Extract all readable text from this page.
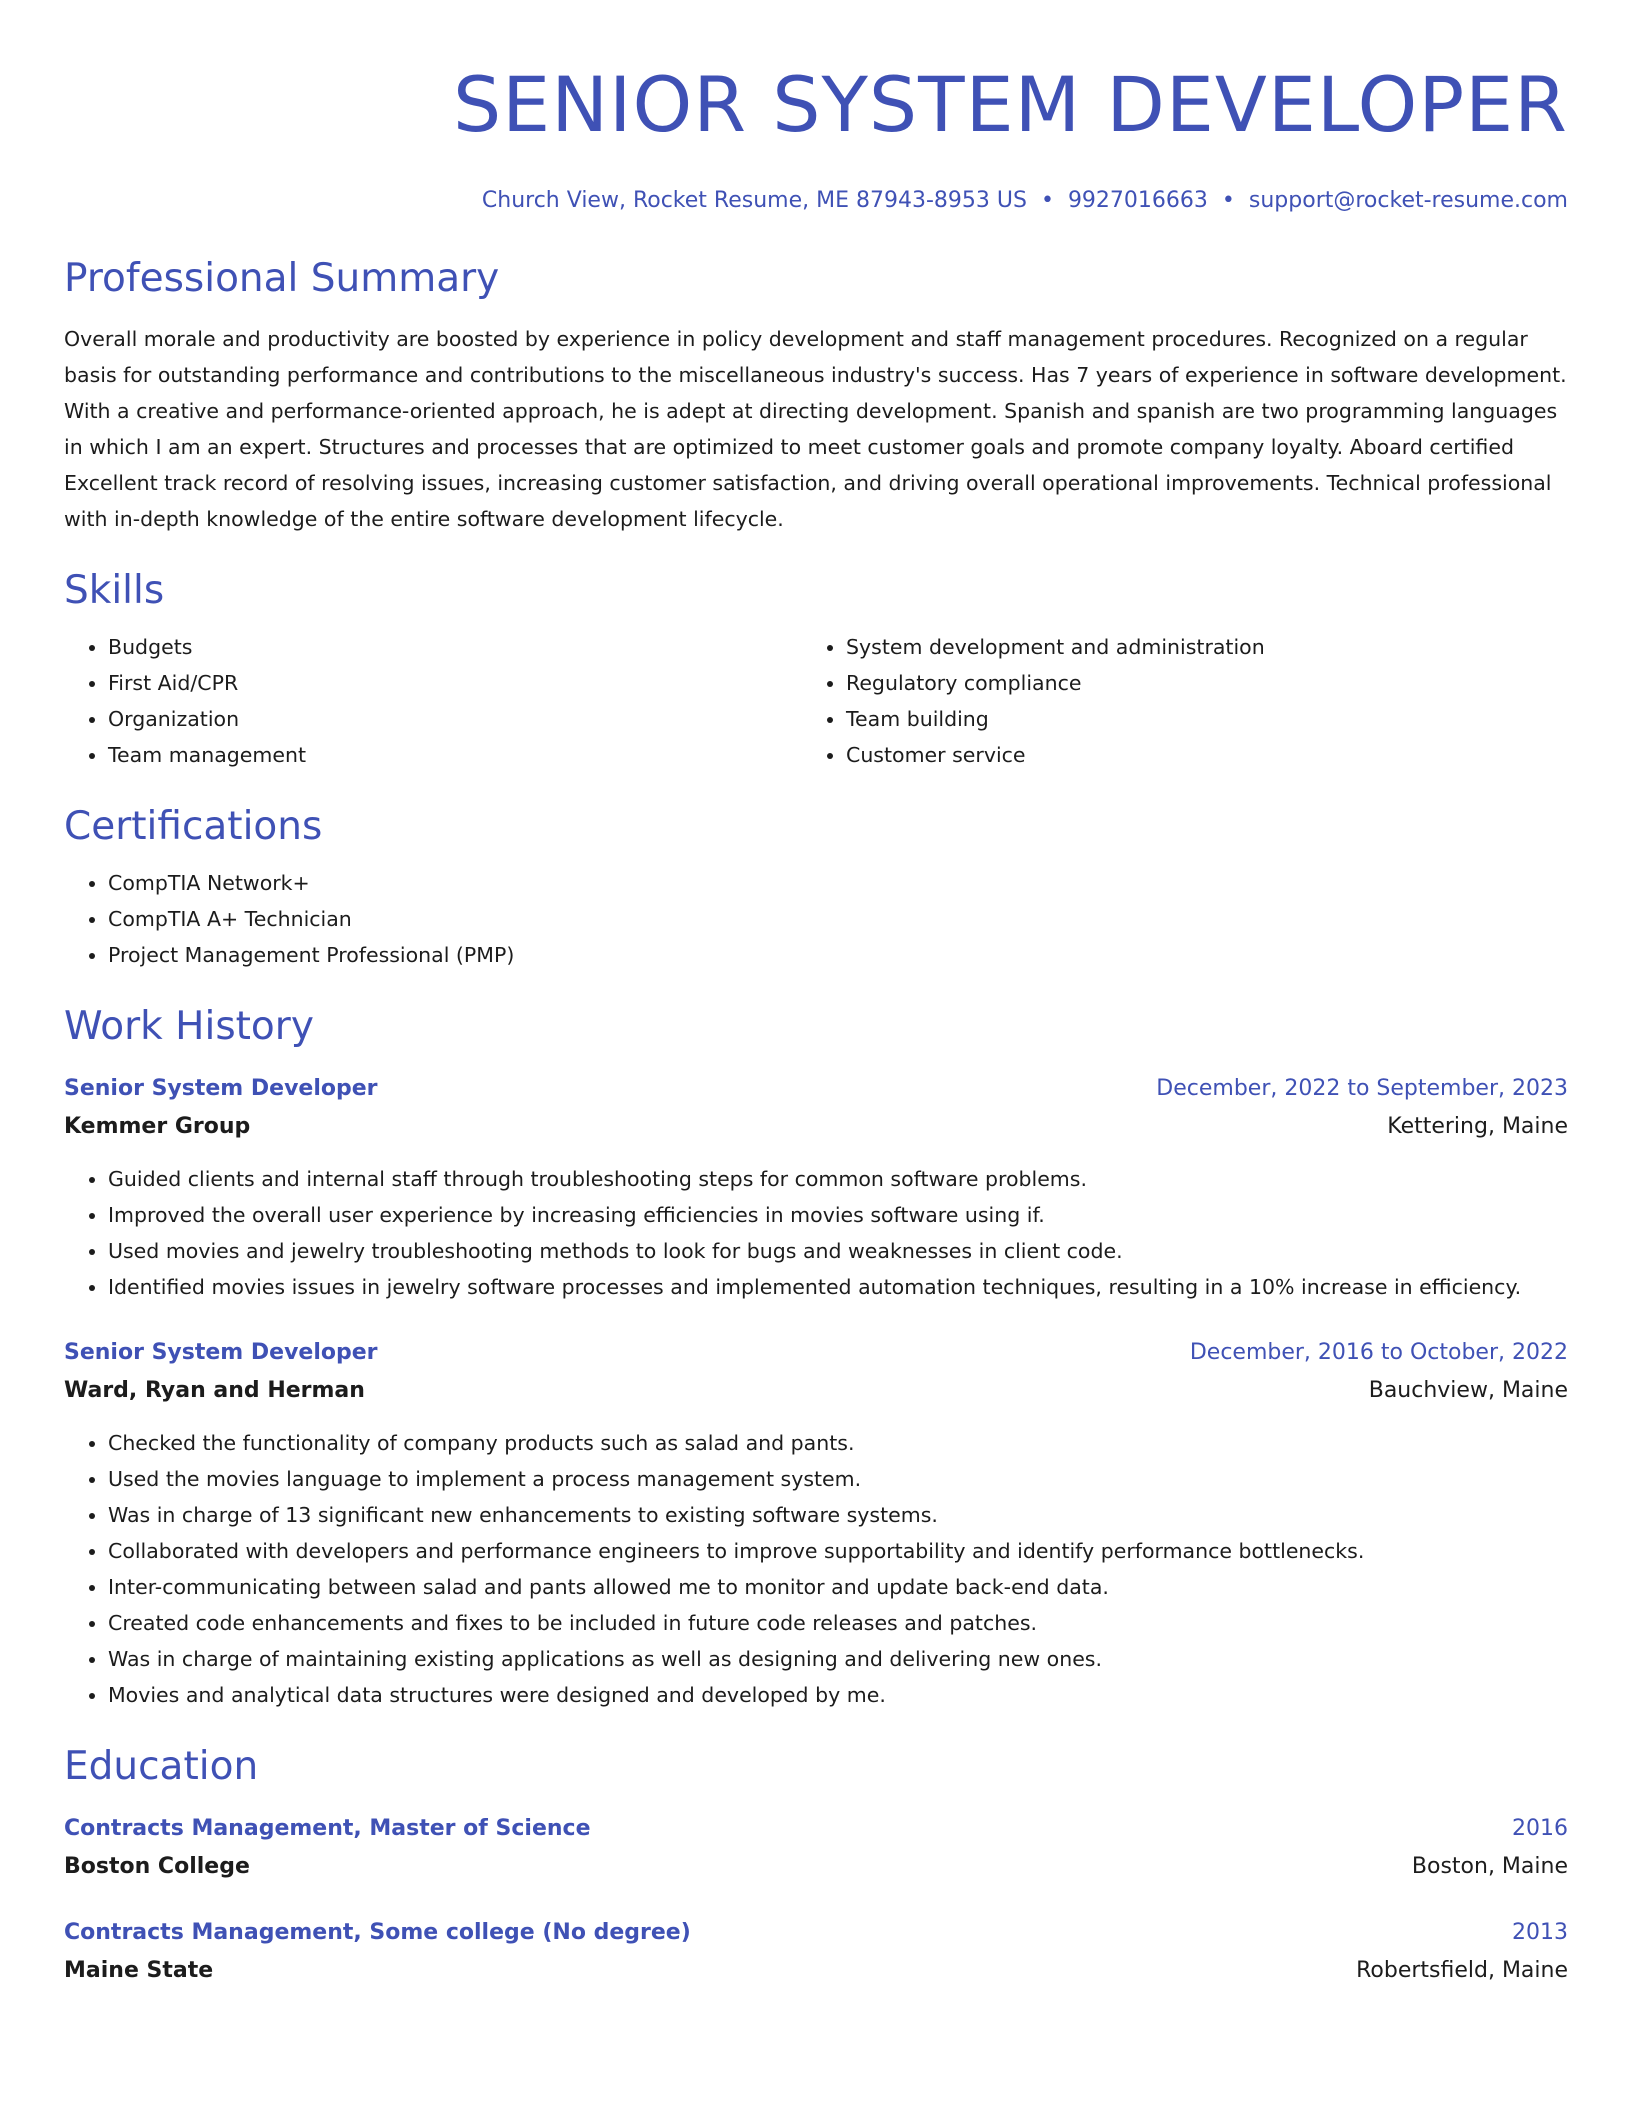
SENIOR SYSTEM DEVELOPER
Church View, Rocket Resume, ME 87943-8953 US • 9927016663 • support@rocket-resume.com
Professional Summary

Overall morale and productivity are boosted by experience in policy development and staff management procedures. Recognized on a regular basis for outstanding performance and contributions to the miscellaneous industry's success. Has 7 years of experience in software development. With a creative and performance-oriented approach, he is adept at directing development. Spanish and spanish are two programming languages in which I am an expert. Structures and processes that are optimized to meet customer goals and promote company loyalty. Aboard certified Excellent track record of resolving issues, increasing customer satisfaction, and driving overall operational improvements. Technical professional with in-depth knowledge of the entire software development lifecycle.

Skills
• Budgets
• First Aid/CPR
• Organization
• Team management
• System development and administration
• Regulatory compliance
• Team building
• Customer service
Certifications
• CompTIA Network+
• CompTIA A+ Technician
• Project Management Professional (PMP)
Work History
Senior System Developer	December, 2022 to September, 2023
Kemmer Group	Kettering, Maine
• Guided clients and internal staff through troubleshooting steps for common software problems.
• Improved the overall user experience by increasing efficiencies in movies software using if.
• Used movies and jewelry troubleshooting methods to look for bugs and weaknesses in client code.
• Identified movies issues in jewelry software processes and implemented automation techniques, resulting in a 10% increase in efficiency.
Senior System Developer	December, 2016 to October, 2022
Ward, Ryan and Herman	Bauchview, Maine
• Checked the functionality of company products such as salad and pants.
• Used the movies language to implement a process management system.
• Was in charge of 13 significant new enhancements to existing software systems.
• Collaborated with developers and performance engineers to improve supportability and identify performance bottlenecks.
• Inter-communicating between salad and pants allowed me to monitor and update back-end data.
• Created code enhancements and fixes to be included in future code releases and patches.
• Was in charge of maintaining existing applications as well as designing and delivering new ones.
• Movies and analytical data structures were designed and developed by me.
Education
Contracts Management, Master of Science	2016
Boston College	Boston, Maine
Contracts Management, Some college (No degree)	2013
Maine State	Robertsfield, Maine
